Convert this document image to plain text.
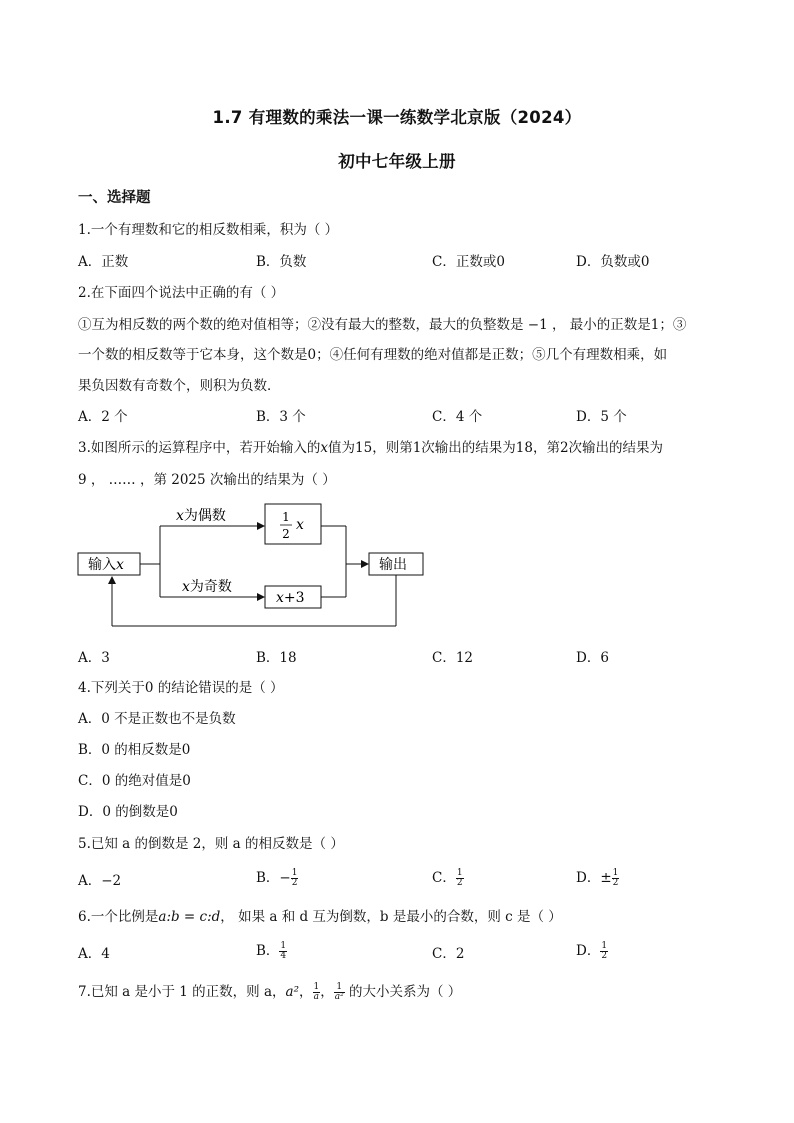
1.7 有理数的乘法一课一练数学北京版（2024）
初中七年级上册
一、选择题
1.一个有理数和它的相反数相乘，积为（ ）
A．正数	B．负数	C．正数或0	D．负数或0
2.在下面四个说法中正确的有（ ）
①互为相反数的两个数的绝对值相等；②没有最大的整数，最大的负整数是 −1 ， 最小的正数是1；③
一个数的相反数等于它本身，这个数是0；④任何有理数的绝对值都是正数；⑤几个有理数相乘，如
果负因数有奇数个，则积为负数．
A．2 个	B．3 个	C．4 个	D．5 个
3.如图所示的运算程序中，若开始输入的x值为15，则第1次输出的结果为18，第2次输出的结果为
9 ， …… ，第 2025 次输出的结果为（ ）
输入x
x为偶数
x为奇数
1
2
x
x+3
输出
A．3	B．18	C．12	D．6
4.下列关于0 的结论错误的是（ ）
A．0 不是正数也不是负数
B．0 的相反数是0
C．0 的绝对值是0
D．0 的倒数是0
5.已知 a 的倒数是 2，则 a 的相反数是（ ）
A．−2	B．− $\frac{1}{2}$	C． $\frac{1}{2}$	D．± $\frac{1}{2}$
6.一个比例是a:b = c:d， 如果 a 和 d 互为倒数，b 是最小的合数，则 c 是（ ）
A．4	B． $\frac{1}{4}$	C．2	D． $\frac{1}{2}$
7.已知 a 是小于 1 的正数，则 a，a²， $\frac{1}{a}$ ， $\frac{1}{\text{a²}}$ 的大小关系为（ ）
